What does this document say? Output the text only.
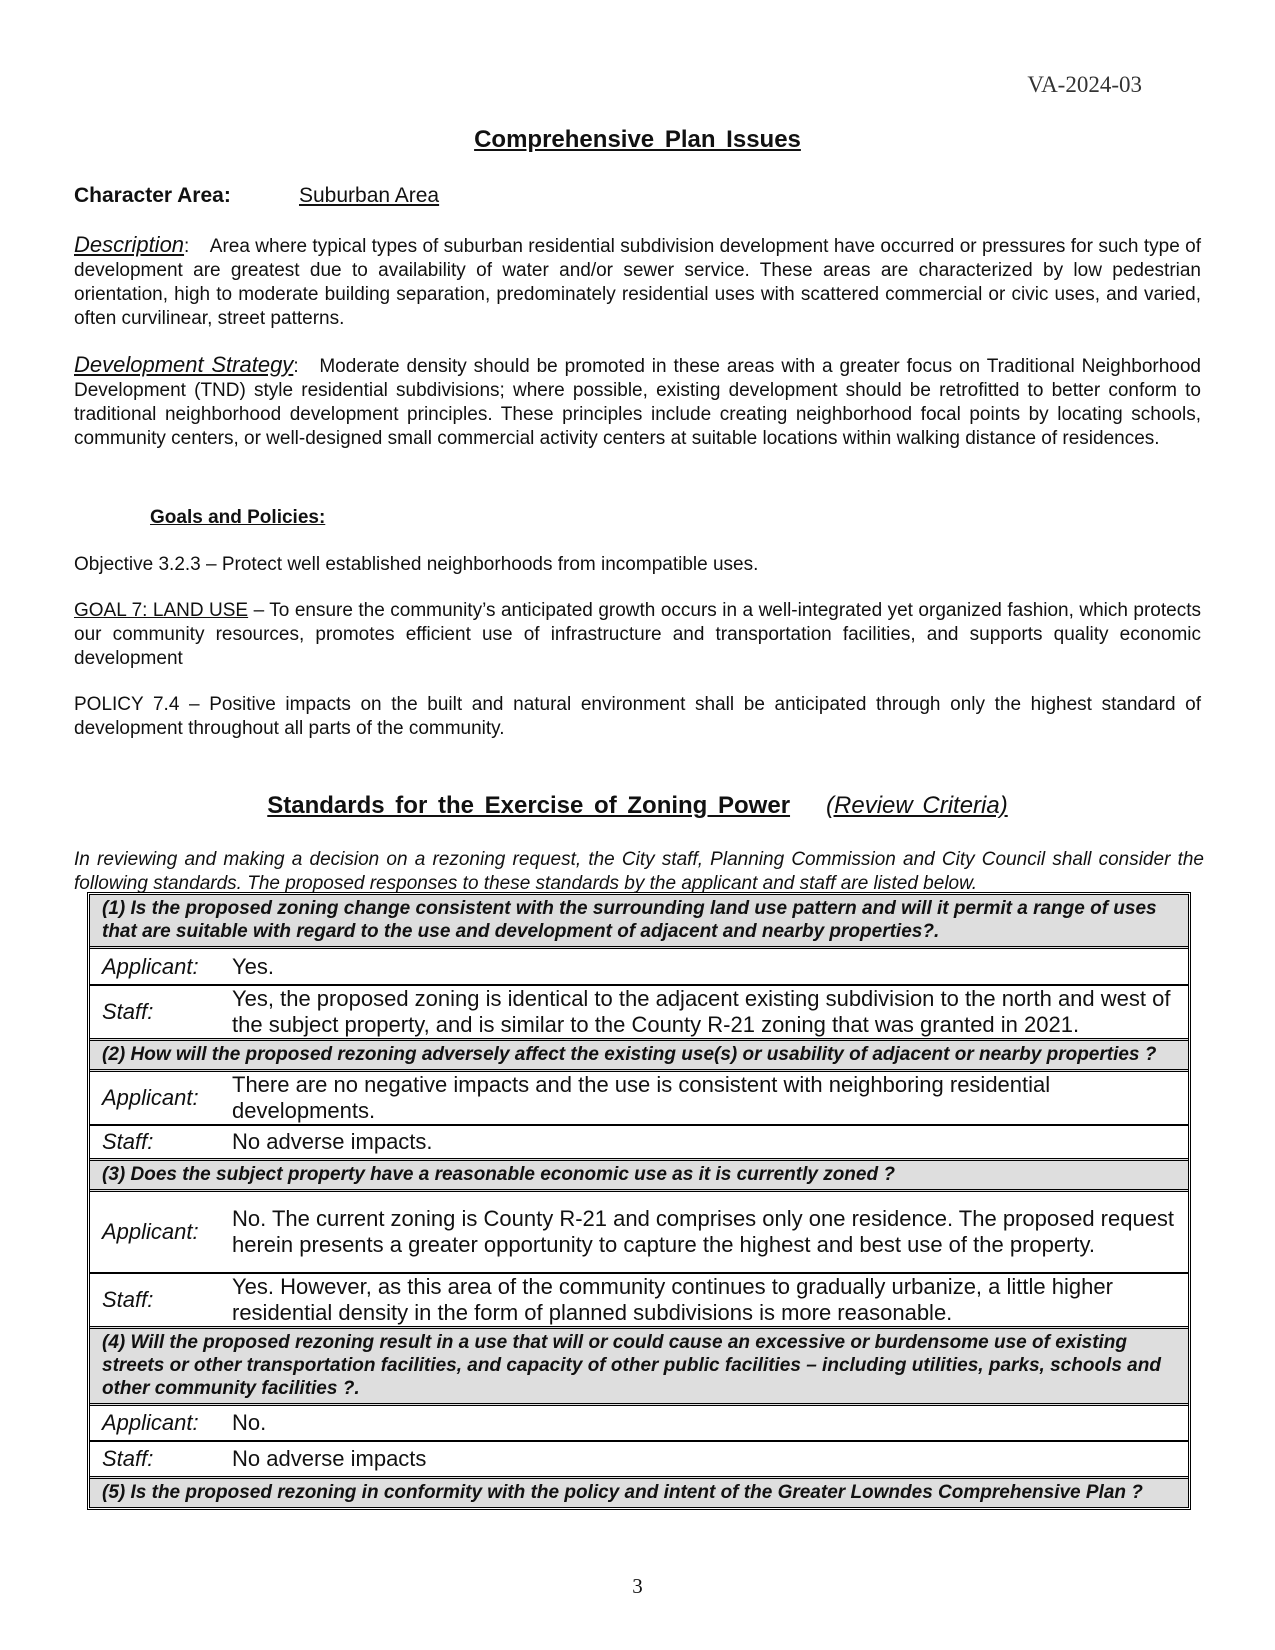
VA-2024-03
Comprehensive Plan Issues
Character Area:	Suburban Area
Description:    Area where typical types of suburban residential subdivision development have occurred or pressures for such type of development are greatest due to availability of water and/or sewer service. These areas are characterized by low pedestrian orientation, high to moderate building separation, predominately residential uses with scattered commercial or civic uses, and varied, often curvilinear, street patterns.
Development Strategy:   Moderate density should be promoted in these areas with a greater focus on Traditional Neighborhood Development (TND) style residential subdivisions; where possible, existing development should be retrofitted to better conform to traditional neighborhood development principles. These principles include creating neighborhood focal points by locating schools, community centers, or well-designed small commercial activity centers at suitable locations within walking distance of residences.
Goals and Policies:
Objective 3.2.3 – Protect well established neighborhoods from incompatible uses.
GOAL 7: LAND USE – To ensure the community’s anticipated growth occurs in a well-integrated yet organized fashion, which protects our community resources, promotes efficient use of infrastructure and transportation facilities, and supports quality economic development
POLICY 7.4 – Positive impacts on the built and natural environment shall be anticipated through only the highest standard of development throughout all parts of the community.
Standards for the Exercise of Zoning Power (Review Criteria)
In reviewing and making a decision on a rezoning request, the City staff, Planning Commission and City Council shall consider the following standards. The proposed responses to these standards by the applicant and staff are listed below.
(1) Is the proposed zoning change consistent with the surrounding land use pattern and will it permit a range of uses that are suitable with regard to the use and development of adjacent and nearby properties?.
Applicant:	Yes.
Staff:
Yes, the proposed zoning is identical to the adjacent existing subdivision to the north and west of the subject property, and is similar to the County R-21 zoning that was granted in 2021.
(2) How will the proposed rezoning adversely affect the existing use(s) or usability of adjacent or nearby properties ?
Applicant:
There are no negative impacts and the use is consistent with neighboring residential developments.
Staff:	No adverse impacts.
(3) Does the subject property have a reasonable economic use as it is currently zoned ?
Applicant:
No. The current zoning is County R-21 and comprises only one residence. The proposed request herein presents a greater opportunity to capture the highest and best use of the property.
Staff:
Yes. However, as this area of the community continues to gradually urbanize, a little higher residential density in the form of planned subdivisions is more reasonable.
(4) Will the proposed rezoning result in a use that will or could cause an excessive or burdensome use of existing streets or other transportation facilities, and capacity of other public facilities – including utilities, parks, schools and other community facilities ?.
Applicant:	No.
Staff:	No adverse impacts
(5) Is the proposed rezoning in conformity with the policy and intent of the Greater Lowndes Comprehensive Plan ?
3
